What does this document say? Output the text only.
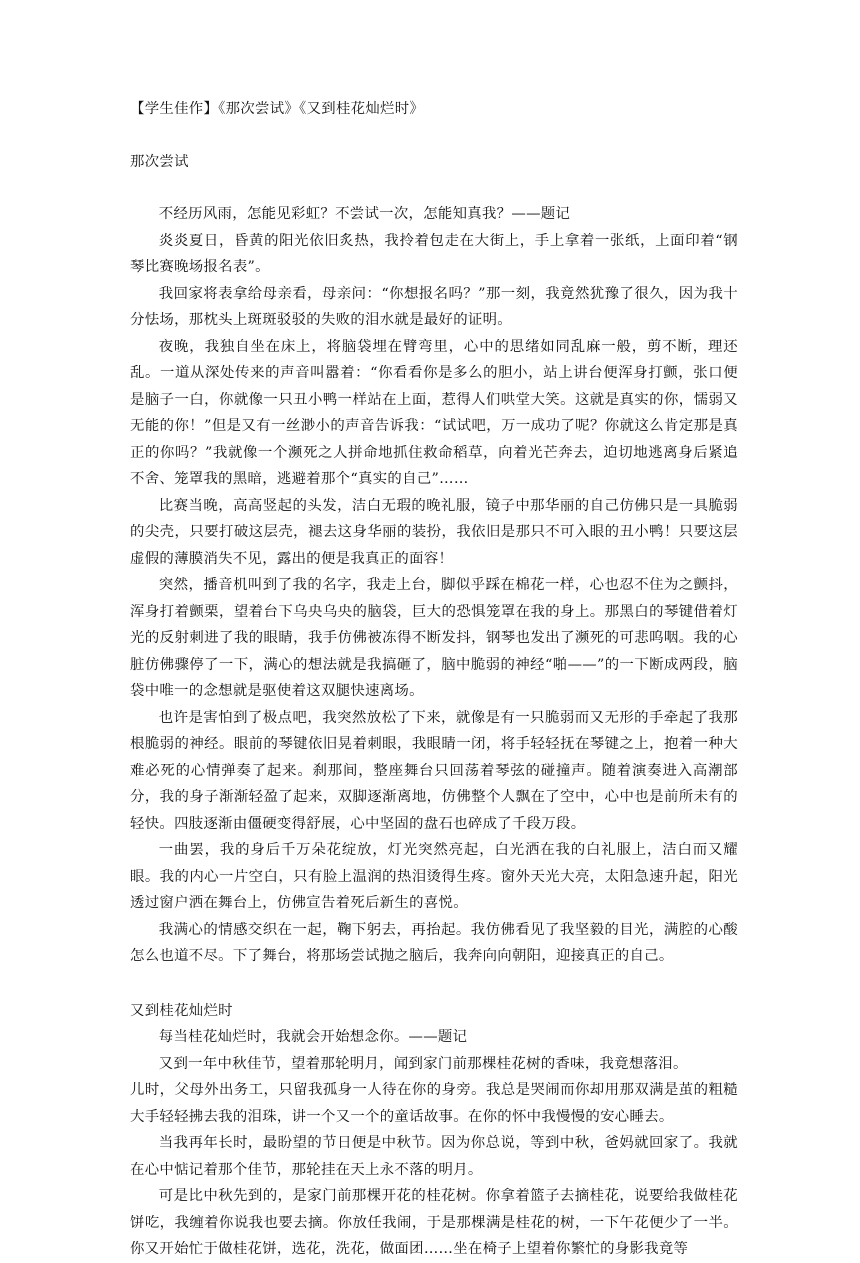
【学生佳作】《那次尝试》《又到桂花灿烂时》

那次尝试

不经历风雨，怎能见彩虹？不尝试一次，怎能知真我？——题记

炎炎夏日，昏黄的阳光依旧炙热，我拎着包走在大街上，手上拿着一张纸，上面印着“钢琴比赛晚场报名表”。

我回家将表拿给母亲看，母亲问：“你想报名吗？”那一刻，我竟然犹豫了很久，因为我十分怯场，那枕头上斑斑驳驳的失败的泪水就是最好的证明。

夜晚，我独自坐在床上，将脑袋埋在臂弯里，心中的思绪如同乱麻一般，剪不断，理还乱。一道从深处传来的声音叫嚣着：“你看看你是多么的胆小，站上讲台便浑身打颤，张口便是脑子一白，你就像一只丑小鸭一样站在上面，惹得人们哄堂大笑。这就是真实的你，懦弱又无能的你！”但是又有一丝渺小的声音告诉我：“试试吧，万一成功了呢？你就这么肯定那是真正的你吗？”我就像一个濒死之人拼命地抓住救命稻草，向着光芒奔去，迫切地逃离身后紧追不舍、笼罩我的黑暗，逃避着那个“真实的自己”……

比赛当晚，高高竖起的头发，洁白无瑕的晚礼服，镜子中那华丽的自己仿佛只是一具脆弱的尖壳，只要打破这层壳，褪去这身华丽的装扮，我依旧是那只不可入眼的丑小鸭！只要这层虚假的薄膜消失不见，露出的便是我真正的面容！

突然，播音机叫到了我的名字，我走上台，脚似乎踩在棉花一样，心也忍不住为之颤抖，浑身打着颤栗，望着台下乌央乌央的脑袋，巨大的恐惧笼罩在我的身上。那黑白的琴键借着灯光的反射刺进了我的眼睛，我手仿佛被冻得不断发抖，钢琴也发出了濒死的可悲呜咽。我的心脏仿佛骤停了一下，满心的想法就是我搞砸了，脑中脆弱的神经“啪——”的一下断成两段，脑袋中唯一的念想就是驱使着这双腿快速离场。

也许是害怕到了极点吧，我突然放松了下来，就像是有一只脆弱而又无形的手牵起了我那根脆弱的神经。眼前的琴键依旧晃着刺眼，我眼睛一闭，将手轻轻抚在琴键之上，抱着一种大难必死的心情弹奏了起来。刹那间，整座舞台只回荡着琴弦的碰撞声。随着演奏进入高潮部分，我的身子渐渐轻盈了起来，双脚逐渐离地，仿佛整个人飘在了空中，心中也是前所未有的轻快。四肢逐渐由僵硬变得舒展，心中坚固的盘石也碎成了千段万段。

一曲罢，我的身后千万朵花绽放，灯光突然亮起，白光洒在我的白礼服上，洁白而又耀眼。我的内心一片空白，只有脸上温润的热泪烫得生疼。窗外天光大亮，太阳急速升起，阳光透过窗户洒在舞台上，仿佛宣告着死后新生的喜悦。

我满心的情感交织在一起，鞠下躬去，再抬起。我仿佛看见了我坚毅的目光，满腔的心酸怎么也道不尽。下了舞台，将那场尝试抛之脑后，我奔向向朝阳，迎接真正的自己。

又到桂花灿烂时

每当桂花灿烂时，我就会开始想念你。——题记

又到一年中秋佳节，望着那轮明月，闻到家门前那棵桂花树的香味，我竟想落泪。

儿时，父母外出务工，只留我孤身一人待在你的身旁。我总是哭闹而你却用那双满是茧的粗糙大手轻轻拂去我的泪珠，讲一个又一个的童话故事。在你的怀中我慢慢的安心睡去。

当我再年长时，最盼望的节日便是中秋节。因为你总说，等到中秋，爸妈就回家了。我就在心中惦记着那个佳节，那轮挂在天上永不落的明月。

可是比中秋先到的，是家门前那棵开花的桂花树。你拿着篮子去摘桂花，说要给我做桂花饼吃，我缠着你说我也要去摘。你放任我闹，于是那棵满是桂花的树，一下午花便少了一半。你又开始忙于做桂花饼，选花，洗花，做面团……坐在椅子上望着你繁忙的身影我竟等
